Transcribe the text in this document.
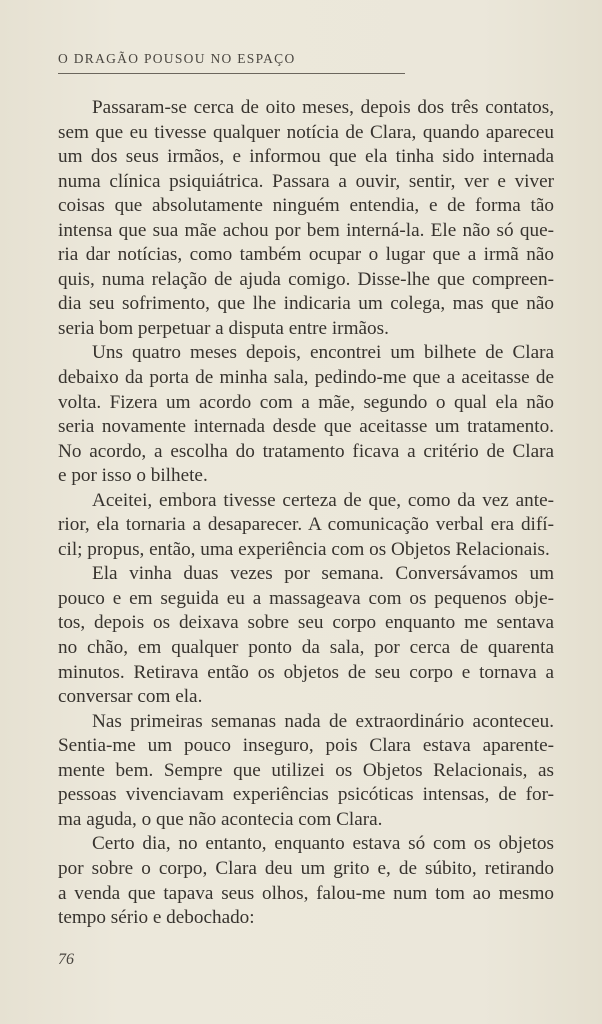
O DRAGÃO POUSOU NO ESPAÇO
Passaram-se cerca de oito meses, depois dos três contatos,
sem que eu tivesse qualquer notícia de Clara, quando apareceu
um dos seus irmãos, e informou que ela tinha sido internada
numa clínica psiquiátrica. Passara a ouvir, sentir, ver e viver
coisas que absolutamente ninguém entendia, e de forma tão
intensa que sua mãe achou por bem interná-la. Ele não só que-
ria dar notícias, como também ocupar o lugar que a irmã não
quis, numa relação de ajuda comigo. Disse-lhe que compreen-
dia seu sofrimento, que lhe indicaria um colega, mas que não
seria bom perpetuar a disputa entre irmãos.
Uns quatro meses depois, encontrei um bilhete de Clara
debaixo da porta de minha sala, pedindo-me que a aceitasse de
volta. Fizera um acordo com a mãe, segundo o qual ela não
seria novamente internada desde que aceitasse um tratamento.
No acordo, a escolha do tratamento ficava a critério de Clara
e por isso o bilhete.
Aceitei, embora tivesse certeza de que, como da vez ante-
rior, ela tornaria a desaparecer. A comunicação verbal era difí-
cil; propus, então, uma experiência com os Objetos Relacionais.
Ela vinha duas vezes por semana. Conversávamos um
pouco e em seguida eu a massageava com os pequenos obje-
tos, depois os deixava sobre seu corpo enquanto me sentava
no chão, em qualquer ponto da sala, por cerca de quarenta
minutos. Retirava então os objetos de seu corpo e tornava a
conversar com ela.
Nas primeiras semanas nada de extraordinário aconteceu.
Sentia-me um pouco inseguro, pois Clara estava aparente-
mente bem. Sempre que utilizei os Objetos Relacionais, as
pessoas vivenciavam experiências psicóticas intensas, de for-
ma aguda, o que não acontecia com Clara.
Certo dia, no entanto, enquanto estava só com os objetos
por sobre o corpo, Clara deu um grito e, de súbito, retirando
a venda que tapava seus olhos, falou-me num tom ao mesmo
tempo sério e debochado:
76
